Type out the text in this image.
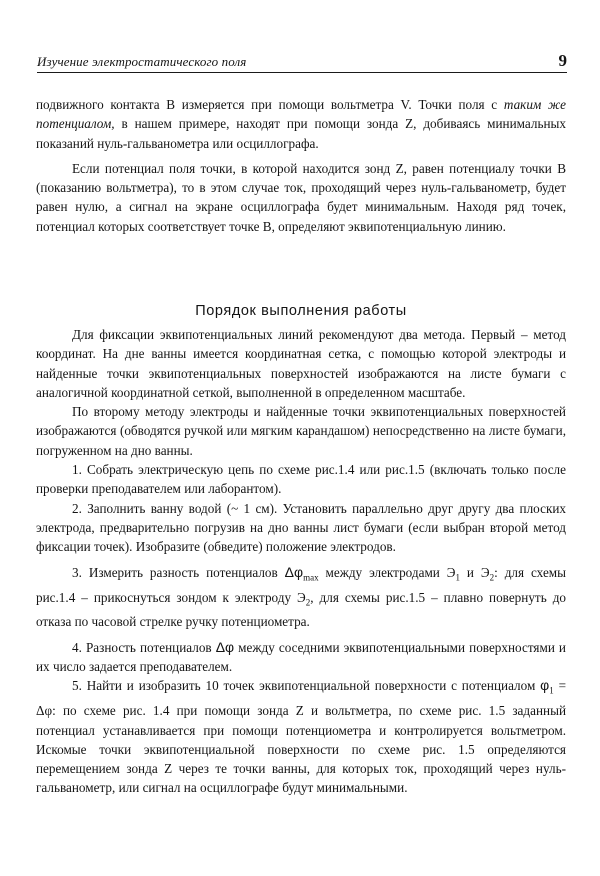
Изучение электростатического поля	9

подвижного контакта B измеряется при помощи вольтметра V. Точки поля с таким же потенциалом, в нашем примере, находят при помощи зонда Z, добиваясь минимальных показаний нуль-гальванометра или осциллографа.

Если потенциал поля точки, в которой находится зонд Z, равен потенциалу точки B (показанию вольтметра), то в этом случае ток, проходящий через нуль-гальванометр, будет равен нулю, а сигнал на экране осциллографа будет минимальным. Находя ряд точек, потенциал которых соответствует точке B, определяют эквипотенциальную линию.

Порядок выполнения работы

Для фиксации эквипотенциальных линий рекомендуют два метода. Первый – метод координат. На дне ванны имеется координатная сетка, с помощью которой электроды и найденные точки эквипотенциальных поверхностей изображаются на листе бумаги с аналогичной координатной сеткой, выполненной в определенном масштабе.

По второму методу электроды и найденные точки эквипотенциальных поверхностей изображаются (обводятся ручкой или мягким карандашом) непосредственно на листе бумаги, погруженном на дно ванны.

1. Собрать электрическую цепь по схеме рис.1.4 или рис.1.5 (включать только после проверки преподавателем или лаборантом).

2. Заполнить ванну водой (~ 1 см). Установить параллельно друг другу два плоских электрода, предварительно погрузив на дно ванны лист бумаги (если выбран второй метод фиксации точек). Изобразите (обведите) положение электродов.

3. Измерить разность потенциалов $\Delta\varphi_{max}$ между электродами $Э_1$ и $Э_2$: для схемы рис.1.4 – прикоснуться зондом к электроду $Э_2$, для схемы рис.1.5 – плавно повернуть до отказа по часовой стрелке ручку потенциометра.

4. Разность потенциалов Δφ между соседними эквипотенциальными поверхностями и их число задается преподавателем.

5. Найти и изобразить 10 точек эквипотенциальной поверхности с потенциалом $\varphi_1 = \Delta\varphi$: по схеме рис. 1.4 при помощи зонда Z и вольтметра, по схеме рис. 1.5 заданный потенциал устанавливается при помощи потенциометра и контролируется вольтметром. Искомые точки эквипотенциальной поверхности по схеме рис. 1.5 определяются перемещением зонда Z через те точки ванны, для которых ток, проходящий через нуль-гальванометр, или сигнал на осциллографе будут минимальными.
